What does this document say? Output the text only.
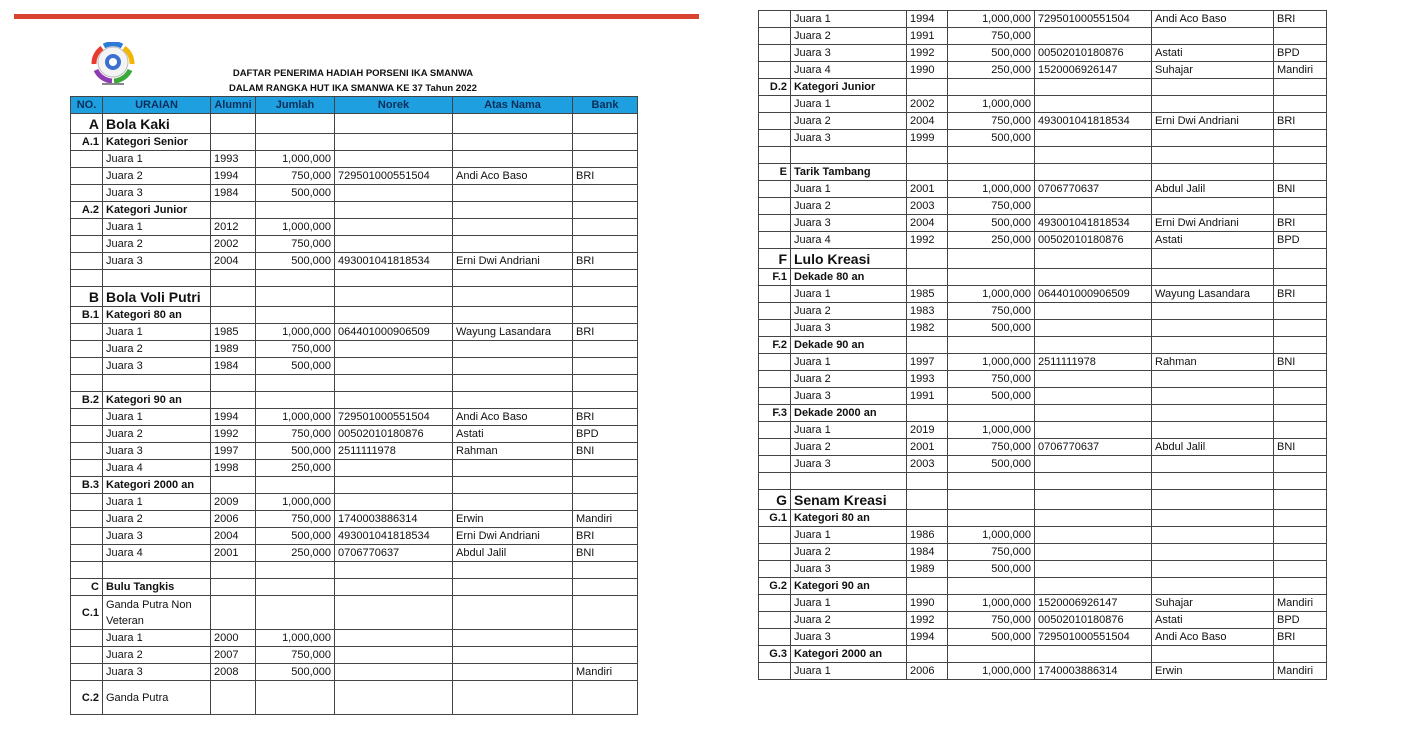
DAFTAR PENERIMA HADIAH PORSENI IKA SMANWA
DALAM RANGKA HUT IKA SMANWA KE 37 Tahun 2022
NO.	URAIAN	Alumni	Jumlah	Norek	Atas Nama	Bank
A	Bola Kaki					
A.1	Kategori Senior					
	Juara 1	1993	1,000,000			
	Juara 2	1994	750,000	729501000551504	Andi Aco Baso	BRI
	Juara 3	1984	500,000			
A.2	Kategori Junior					
	Juara 1	2012	1,000,000			
	Juara 2	2002	750,000			
	Juara 3	2004	500,000	493001041818534	Erni Dwi Andriani	BRI

B	Bola Voli Putri					
B.1	Kategori 80 an					
	Juara 1	1985	1,000,000	064401000906509	Wayung Lasandara	BRI
	Juara 2	1989	750,000			
	Juara 3	1984	500,000			

B.2	Kategori 90 an					
	Juara 1	1994	1,000,000	729501000551504	Andi Aco Baso	BRI
	Juara 2	1992	750,000	00502010180876	Astati	BPD
	Juara 3	1997	500,000	2511111978	Rahman	BNI
	Juara 4	1998	250,000			
B.3	Kategori 2000 an					
	Juara 1	2009	1,000,000			
	Juara 2	2006	750,000	1740003886314	Erwin	Mandiri
	Juara 3	2004	500,000	493001041818534	Erni Dwi Andriani	BRI
	Juara 4	2001	250,000	0706770637	Abdul Jalil	BNI

C	Bulu Tangkis					
C.1	Ganda Putra Non Veteran					
	Juara 1	2000	1,000,000			
	Juara 2	2007	750,000			
	Juara 3	2008	500,000			Mandiri
C.2	Ganda Putra					
	Juara 1	1994	1,000,000	729501000551504	Andi Aco Baso	BRI
	Juara 2	1991	750,000			
	Juara 3	1992	500,000	00502010180876	Astati	BPD
	Juara 4	1990	250,000	1520006926147	Suhajar	Mandiri
D.2	Kategori Junior					
	Juara 1	2002	1,000,000			
	Juara 2	2004	750,000	493001041818534	Erni Dwi Andriani	BRI
	Juara 3	1999	500,000			

E	Tarik Tambang					
	Juara 1	2001	1,000,000	0706770637	Abdul Jalil	BNI
	Juara 2	2003	750,000			
	Juara 3	2004	500,000	493001041818534	Erni Dwi Andriani	BRI
	Juara 4	1992	250,000	00502010180876	Astati	BPD
F	Lulo Kreasi					
F.1	Dekade 80 an					
	Juara 1	1985	1,000,000	064401000906509	Wayung Lasandara	BRI
	Juara 2	1983	750,000			
	Juara 3	1982	500,000			
F.2	Dekade 90 an					
	Juara 1	1997	1,000,000	2511111978	Rahman	BNI
	Juara 2	1993	750,000			
	Juara 3	1991	500,000			
F.3	Dekade 2000 an					
	Juara 1	2019	1,000,000			
	Juara 2	2001	750,000	0706770637	Abdul Jalil	BNI
	Juara 3	2003	500,000			

G	Senam Kreasi					
G.1	Kategori 80 an					
	Juara 1	1986	1,000,000			
	Juara 2	1984	750,000			
	Juara 3	1989	500,000			
G.2	Kategori 90 an					
	Juara 1	1990	1,000,000	1520006926147	Suhajar	Mandiri
	Juara 2	1992	750,000	00502010180876	Astati	BPD
	Juara 3	1994	500,000	729501000551504	Andi Aco Baso	BRI
G.3	Kategori 2000 an					
	Juara 1	2006	1,000,000	1740003886314	Erwin	Mandiri
